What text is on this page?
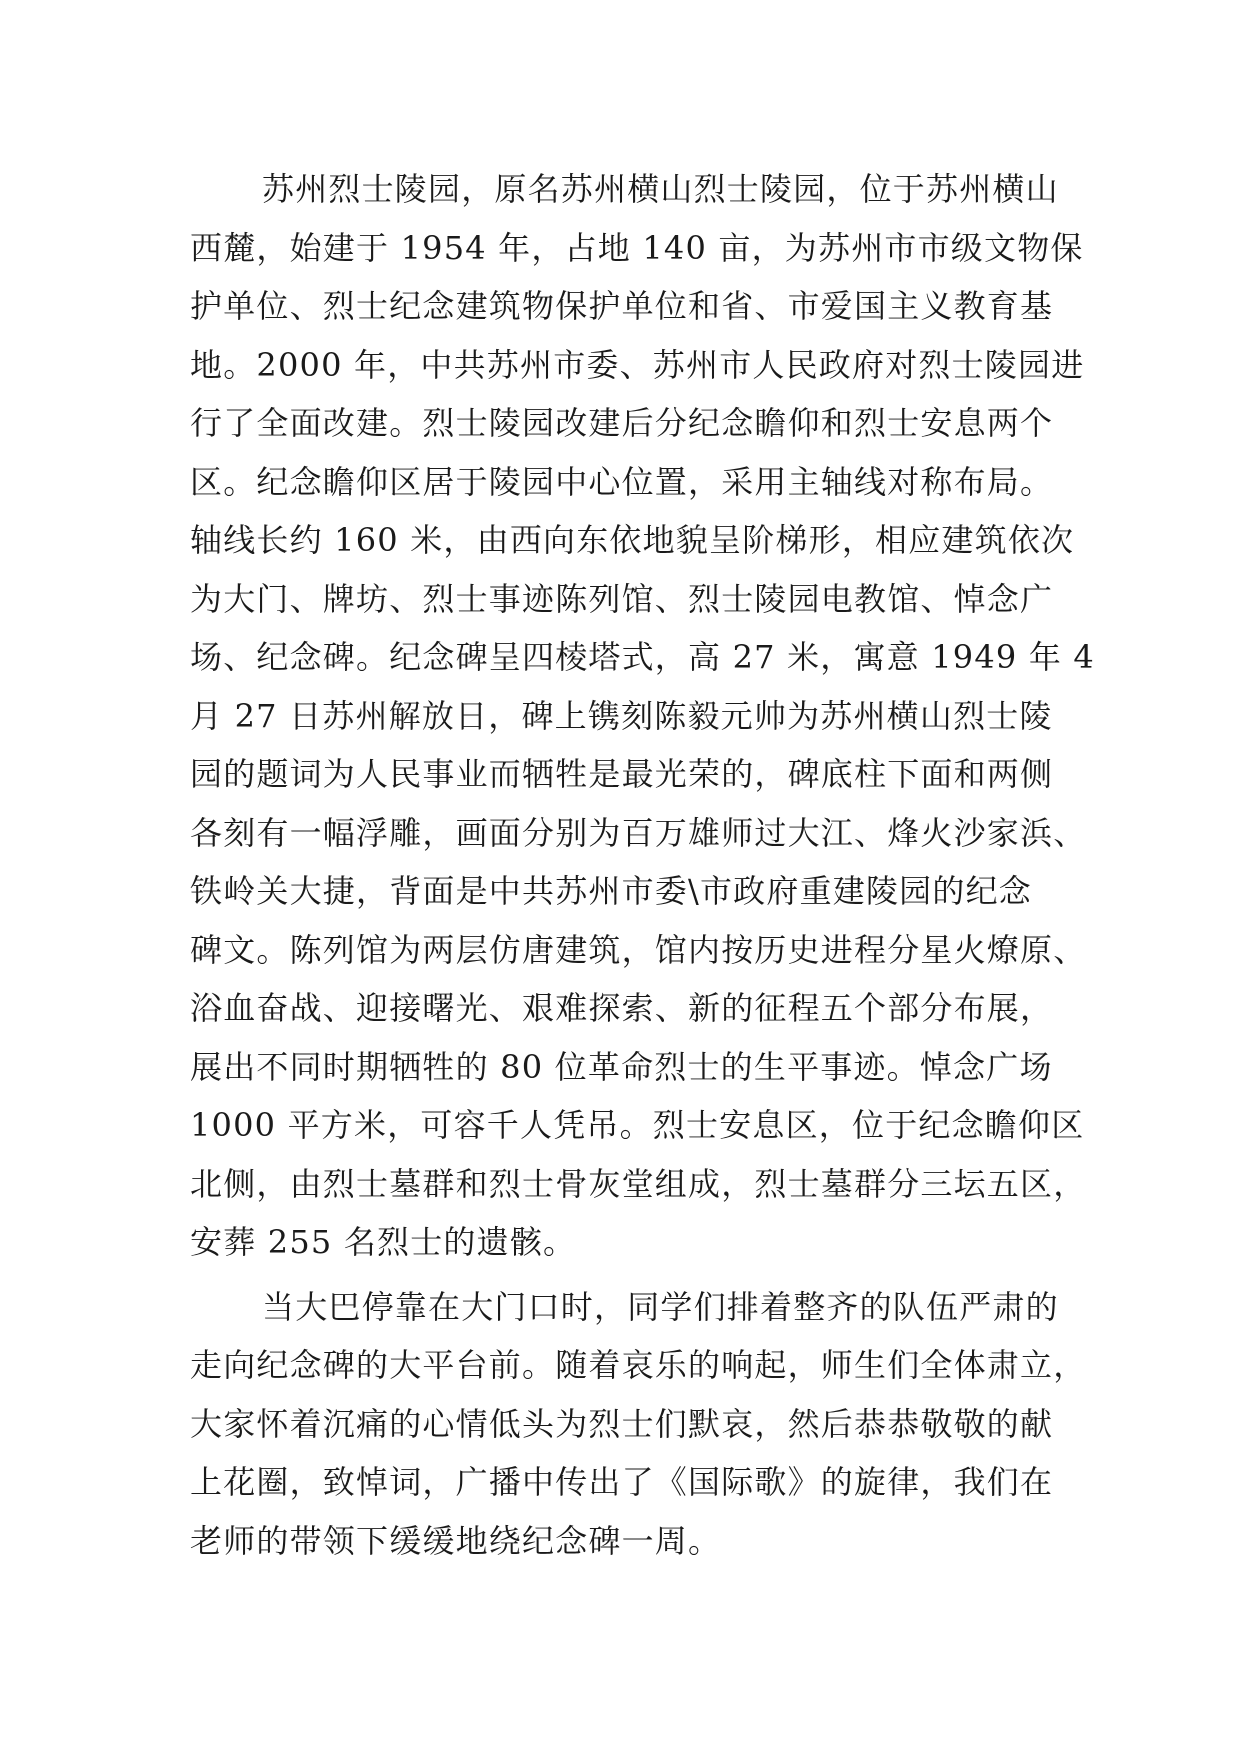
苏州烈士陵园，原名苏州横山烈士陵园，位于苏州横山
西麓，始建于 1954 年，占地 140 亩，为苏州市市级文物保
护单位、烈士纪念建筑物保护单位和省、市爱国主义教育基
地。2000 年，中共苏州市委、苏州市人民政府对烈士陵园进
行了全面改建。烈士陵园改建后分纪念瞻仰和烈士安息两个
区。纪念瞻仰区居于陵园中心位置，采用主轴线对称布局。
轴线长约 160 米，由西向东依地貌呈阶梯形，相应建筑依次
为大门、牌坊、烈士事迹陈列馆、烈士陵园电教馆、悼念广
场、纪念碑。纪念碑呈四棱塔式，高 27 米，寓意 1949 年 4
月 27 日苏州解放日，碑上镌刻陈毅元帅为苏州横山烈士陵
园的题词为人民事业而牺牲是最光荣的，碑底柱下面和两侧
各刻有一幅浮雕，画面分别为百万雄师过大江、烽火沙家浜、
铁岭关大捷，背面是中共苏州市委\市政府重建陵园的纪念
碑文。陈列馆为两层仿唐建筑，馆内按历史进程分星火燎原、
浴血奋战、迎接曙光、艰难探索、新的征程五个部分布展，
展出不同时期牺牲的 80 位革命烈士的生平事迹。悼念广场
1000 平方米，可容千人凭吊。烈士安息区，位于纪念瞻仰区
北侧，由烈士墓群和烈士骨灰堂组成，烈士墓群分三坛五区，
安葬 255 名烈士的遗骸。
当大巴停靠在大门口时，同学们排着整齐的队伍严肃的
走向纪念碑的大平台前。随着哀乐的响起，师生们全体肃立，
大家怀着沉痛的心情低头为烈士们默哀，然后恭恭敬敬的献
上花圈，致悼词，广播中传出了《国际歌》的旋律，我们在
老师的带领下缓缓地绕纪念碑一周。
